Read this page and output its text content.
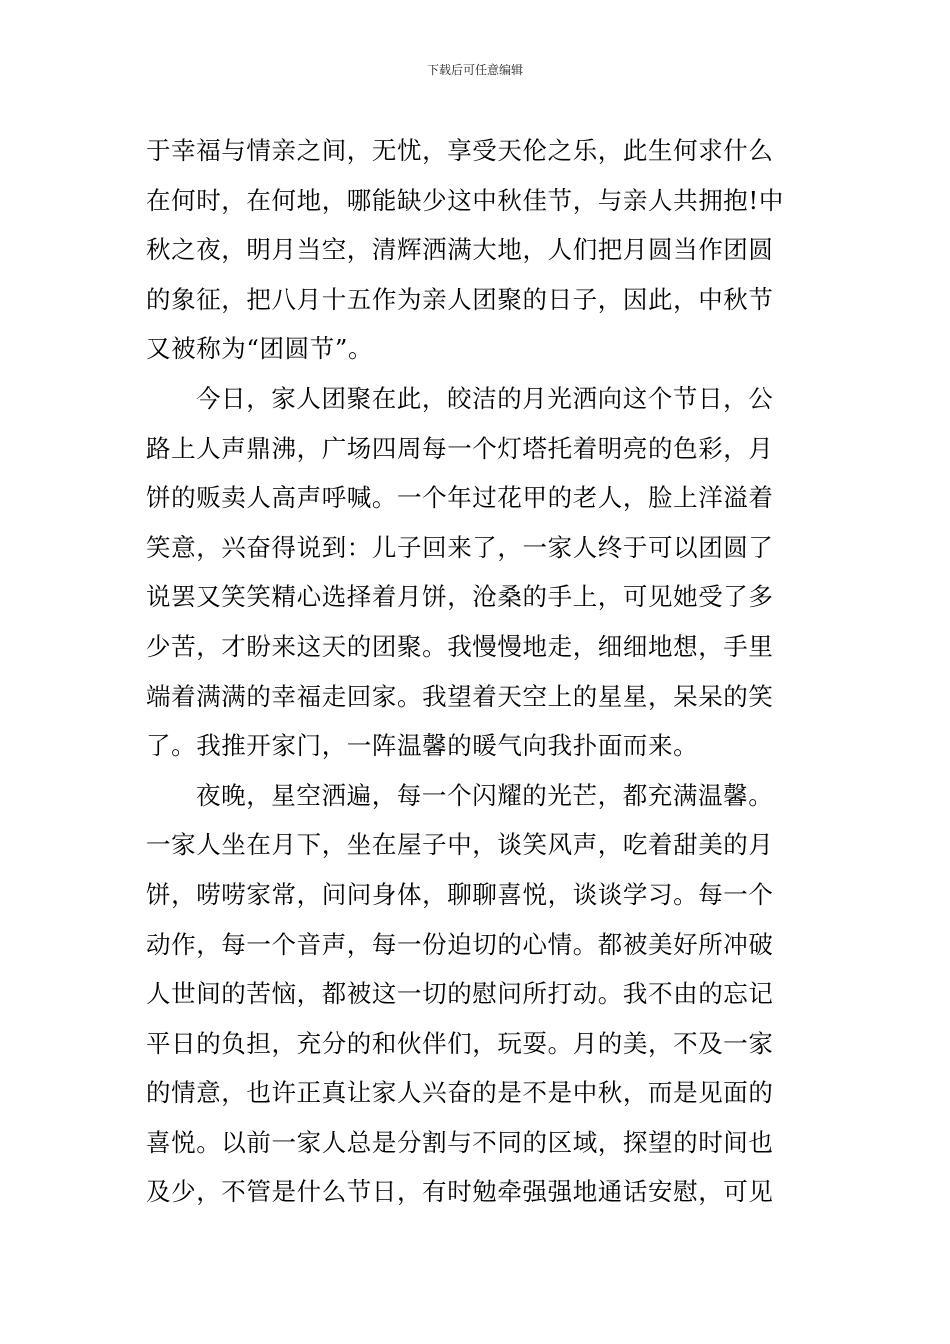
下载后可任意编辑
于幸福与情亲之间，无忧，享受天伦之乐，此生何求什么
在何时，在何地，哪能缺少这中秋佳节，与亲人共拥抱!中
秋之夜，明月当空，清辉洒满大地，人们把月圆当作团圆
的象征，把八月十五作为亲人团聚的日子，因此，中秋节
又被称为“团圆节”。
今日，家人团聚在此，皎洁的月光洒向这个节日，公
路上人声鼎沸，广场四周每一个灯塔托着明亮的色彩，月
饼的贩卖人高声呼喊。一个年过花甲的老人，脸上洋溢着
笑意，兴奋得说到：儿子回来了，一家人终于可以团圆了
说罢又笑笑精心选择着月饼，沧桑的手上，可见她受了多
少苦，才盼来这天的团聚。我慢慢地走，细细地想，手里
端着满满的幸福走回家。我望着天空上的星星，呆呆的笑
了。我推开家门，一阵温馨的暖气向我扑面而来。
夜晚，星空洒遍，每一个闪耀的光芒，都充满温馨。
一家人坐在月下，坐在屋子中，谈笑风声，吃着甜美的月
饼，唠唠家常，问问身体，聊聊喜悦，谈谈学习。每一个
动作，每一个音声，每一份迫切的心情。都被美好所冲破
人世间的苦恼，都被这一切的慰问所打动。我不由的忘记
平日的负担，充分的和伙伴们，玩耍。月的美，不及一家
的情意，也许正真让家人兴奋的是不是中秋，而是见面的
喜悦。以前一家人总是分割与不同的区域，探望的时间也
及少，不管是什么节日，有时勉牵强强地通话安慰，可见
